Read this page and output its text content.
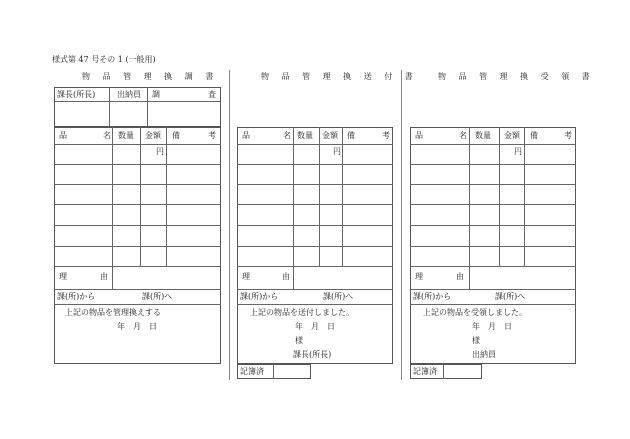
様式第 47 号その 1 (一般用)
物 品 管 理 換 調 書
課長(所長)	出納員 調	査
品	名 数量 金額 備	考
円
理	由
課(所)から	課(所)へ
上記の物品を管理換えする
年　月　日
物 品 管 理 換 送 付 書
品	名 数量 金額 備	考
円
理	由
課(所)から	課(所)へ
上記の物品を送付しました。
年　月　日
様
課長(所長)
記簿済
物 品 管 理 換 受 領 書
品	名 数量 金額 備	考
円
理	由
課(所)から	課(所)へ
上記の物品を受領しました。
年　月　日
様
出納員
記簿済
